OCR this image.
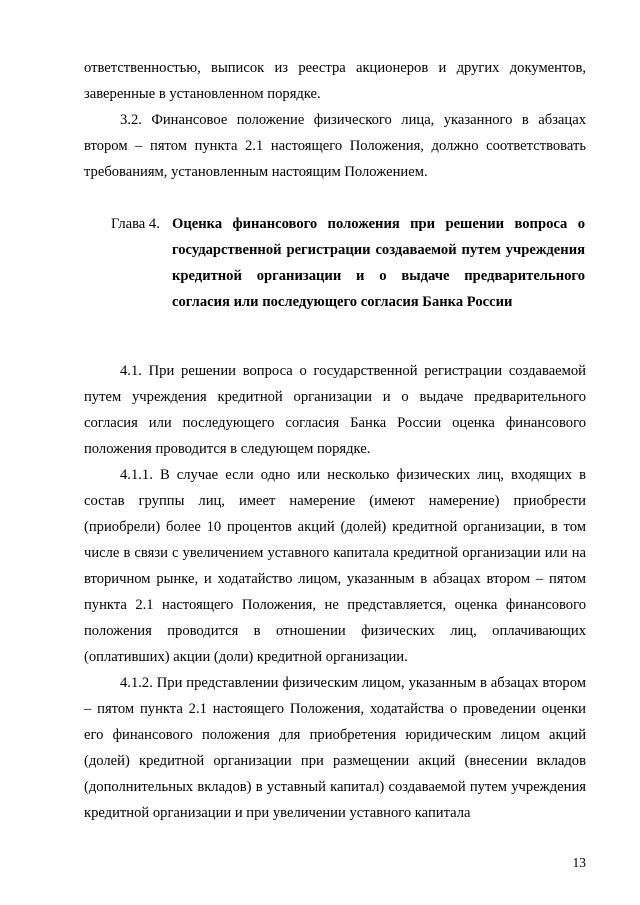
ответственностью, выписок из реестра акционеров и других документов, заверенные в установленном порядке.

3.2. Финансовое положение физического лица, указанного в абзацах втором – пятом пункта 2.1 настоящего Положения, должно соответствовать требованиям, установленным настоящим Положением.

Глава 4. Оценка финансового положения при решении вопроса о государственной регистрации создаваемой путем учреждения кредитной организации и о выдаче предварительного согласия или последующего согласия Банка России

4.1. При решении вопроса о государственной регистрации создаваемой путем учреждения кредитной организации и о выдаче предварительного согласия или последующего согласия Банка России оценка финансового положения проводится в следующем порядке.

4.1.1. В случае если одно или несколько физических лиц, входящих в состав группы лиц, имеет намерение (имеют намерение) приобрести (приобрели) более 10 процентов акций (долей) кредитной организации, в том числе в связи с увеличением уставного капитала кредитной организации или на вторичном рынке, и ходатайство лицом, указанным в абзацах втором – пятом пункта 2.1 настоящего Положения, не представляется, оценка финансового положения проводится в отношении физических лиц, оплачивающих (оплативших) акции (доли) кредитной организации.

4.1.2. При представлении физическим лицом, указанным в абзацах втором – пятом пункта 2.1 настоящего Положения, ходатайства о проведении оценки его финансового положения для приобретения юридическим лицом акций (долей) кредитной организации при размещении акций (внесении вкладов (дополнительных вкладов) в уставный капитал) создаваемой путем учреждения кредитной организации и при увеличении уставного капитала

13
